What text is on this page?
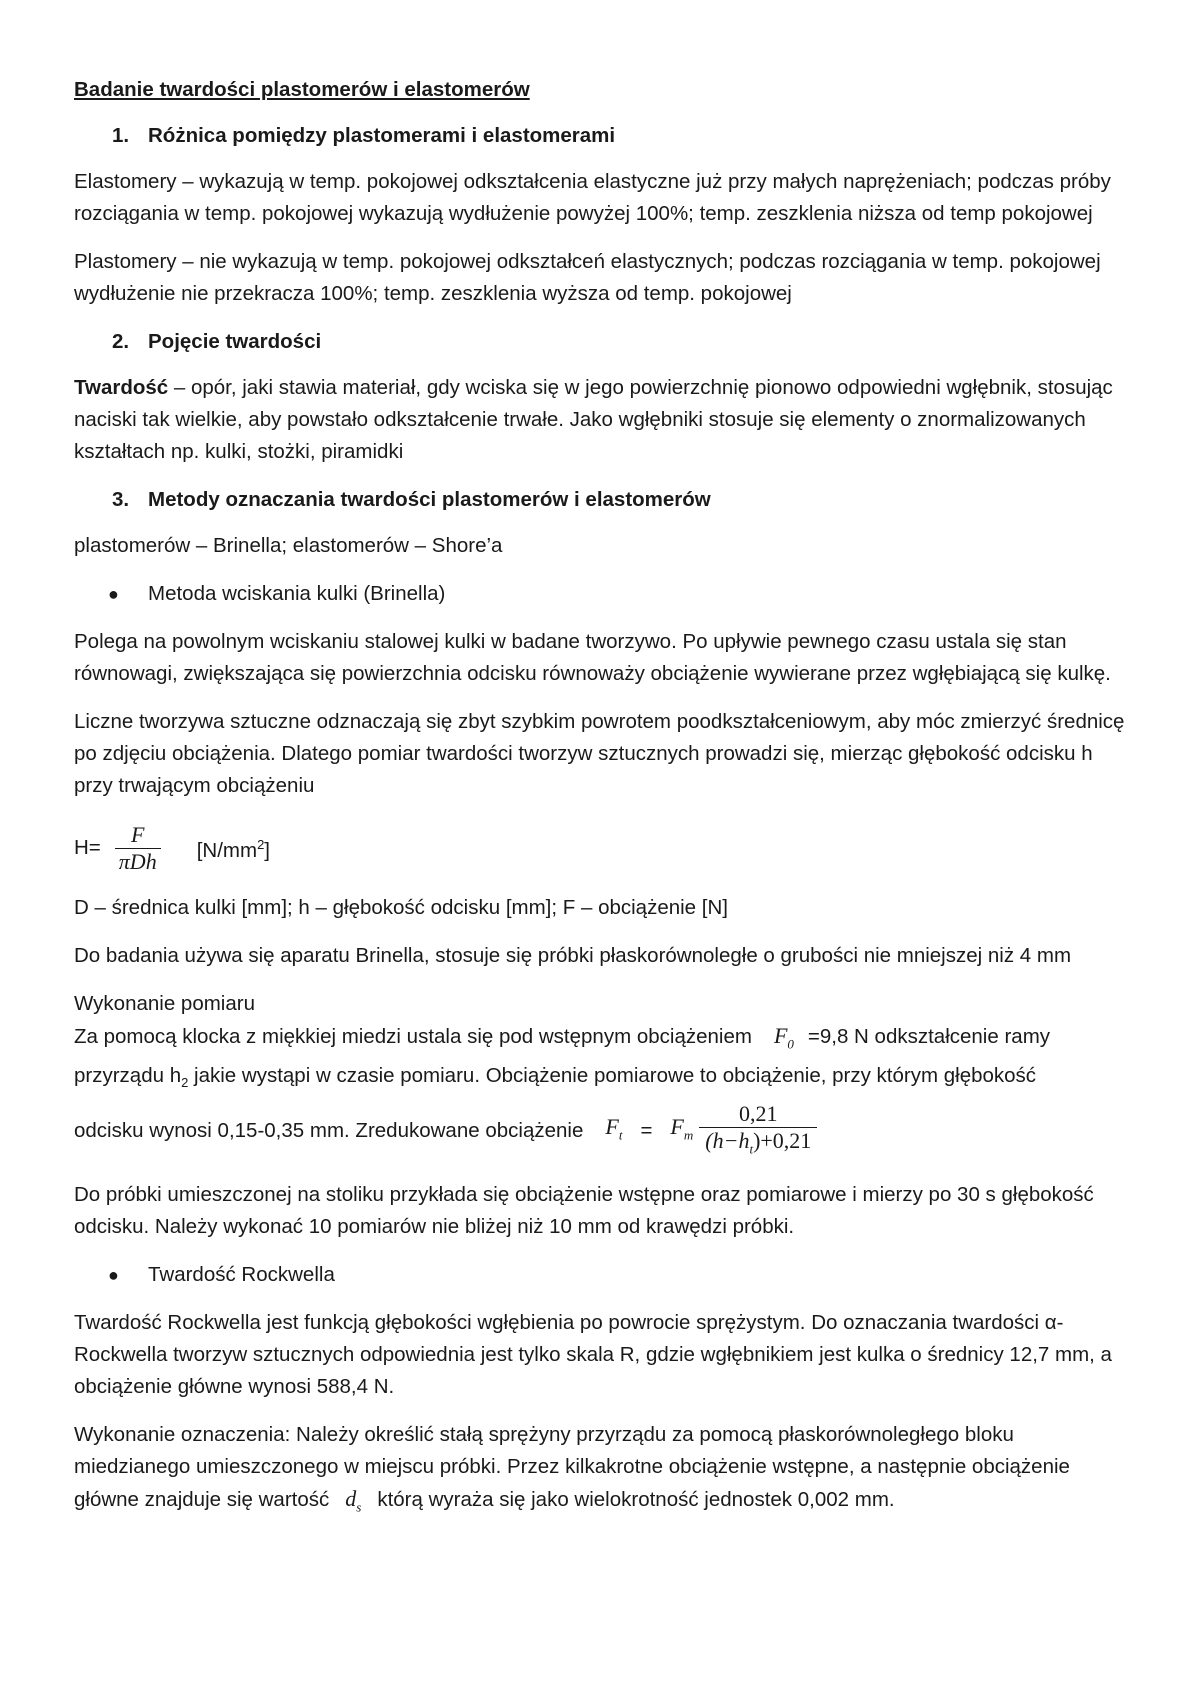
Badanie twardości plastomerów i elastomerów
1. Różnica pomiędzy plastomerami i elastomerami

Elastomery – wykazują w temp. pokojowej odkształcenia elastyczne już przy małych naprężeniach; podczas próby rozciągania w temp. pokojowej wykazują wydłużenie powyżej 100%; temp. zeszklenia niższa od temp pokojowej

Plastomery – nie wykazują w temp. pokojowej odkształceń elastycznych; podczas rozciągania w temp. pokojowej wydłużenie nie przekracza 100%; temp. zeszklenia wyższa od temp. pokojowej

2. Pojęcie twardości

Twardość – opór, jaki stawia materiał, gdy wciska się w jego powierzchnię pionowo odpowiedni wgłębnik, stosując naciski tak wielkie, aby powstało odkształcenie trwałe. Jako wgłębniki stosuje się elementy o znormalizowanych kształtach np. kulki, stożki, piramidki

3. Metody oznaczania twardości plastomerów i elastomerów

plastomerów – Brinella; elastomerów – Shore’a

●	Metoda wciskania kulki (Brinella)

Polega na powolnym wciskaniu stalowej kulki w badane tworzywo. Po upływie pewnego czasu ustala się stan równowagi, zwiększająca się powierzchnia odcisku równoważy obciążenie wywierane przez wgłębiającą się kulkę.

Liczne tworzywa sztuczne odznaczają się zbyt szybkim powrotem poodkształceniowym, aby móc zmierzyć średnicę po zdjęciu obciążenia. Dlatego pomiar twardości tworzyw sztucznych prowadzi się, mierząc głębokość odcisku h przy trwającym obciążeniu

$H= \frac{F}{\text{πDh}} [N/mm^2]$

D – średnica kulki [mm]; h – głębokość odcisku [mm]; F – obciążenie [N]

Do badania używa się aparatu Brinella, stosuje się próbki płaskorównoległe o grubości nie mniejszej niż 4 mm

Wykonanie pomiaru
Za pomocą klocka z miękkiej miedzi ustala się pod wstępnym obciążeniem $F_0 =9,8$ N odkształcenie ramy
przyrządu $h_2$ jakie wystąpi w czasie pomiaru. Obciążenie pomiarowe to obciążenie, przy którym głębokość
odcisku wynosi 0,15-0,35 mm. Zredukowane obciążenie $F_t = F_m \frac{0,21}{(h-h_t)+0,21}$

Do próbki umieszczonej na stoliku przykłada się obciążenie wstępne oraz pomiarowe i mierzy po 30 s głębokość odcisku. Należy wykonać 10 pomiarów nie bliżej niż 10 mm od krawędzi próbki.

●	Twardość Rockwella

Twardość Rockwella jest funkcją głębokości wgłębienia po powrocie sprężystym. Do oznaczania twardości α-Rockwella tworzyw sztucznych odpowiednia jest tylko skala R, gdzie wgłębnikiem jest kulka o średnicy 12,7 mm, a obciążenie główne wynosi 588,4 N.

Wykonanie oznaczenia: Należy określić stałą sprężyny przyrządu za pomocą płaskorównoległego bloku miedzianego umieszczonego w miejscu próbki. Przez kilkakrotne obciążenie wstępne, a następnie obciążenie główne znajduje się wartość $d_s$ którą wyraża się jako wielokrotność jednostek 0,002 mm.
